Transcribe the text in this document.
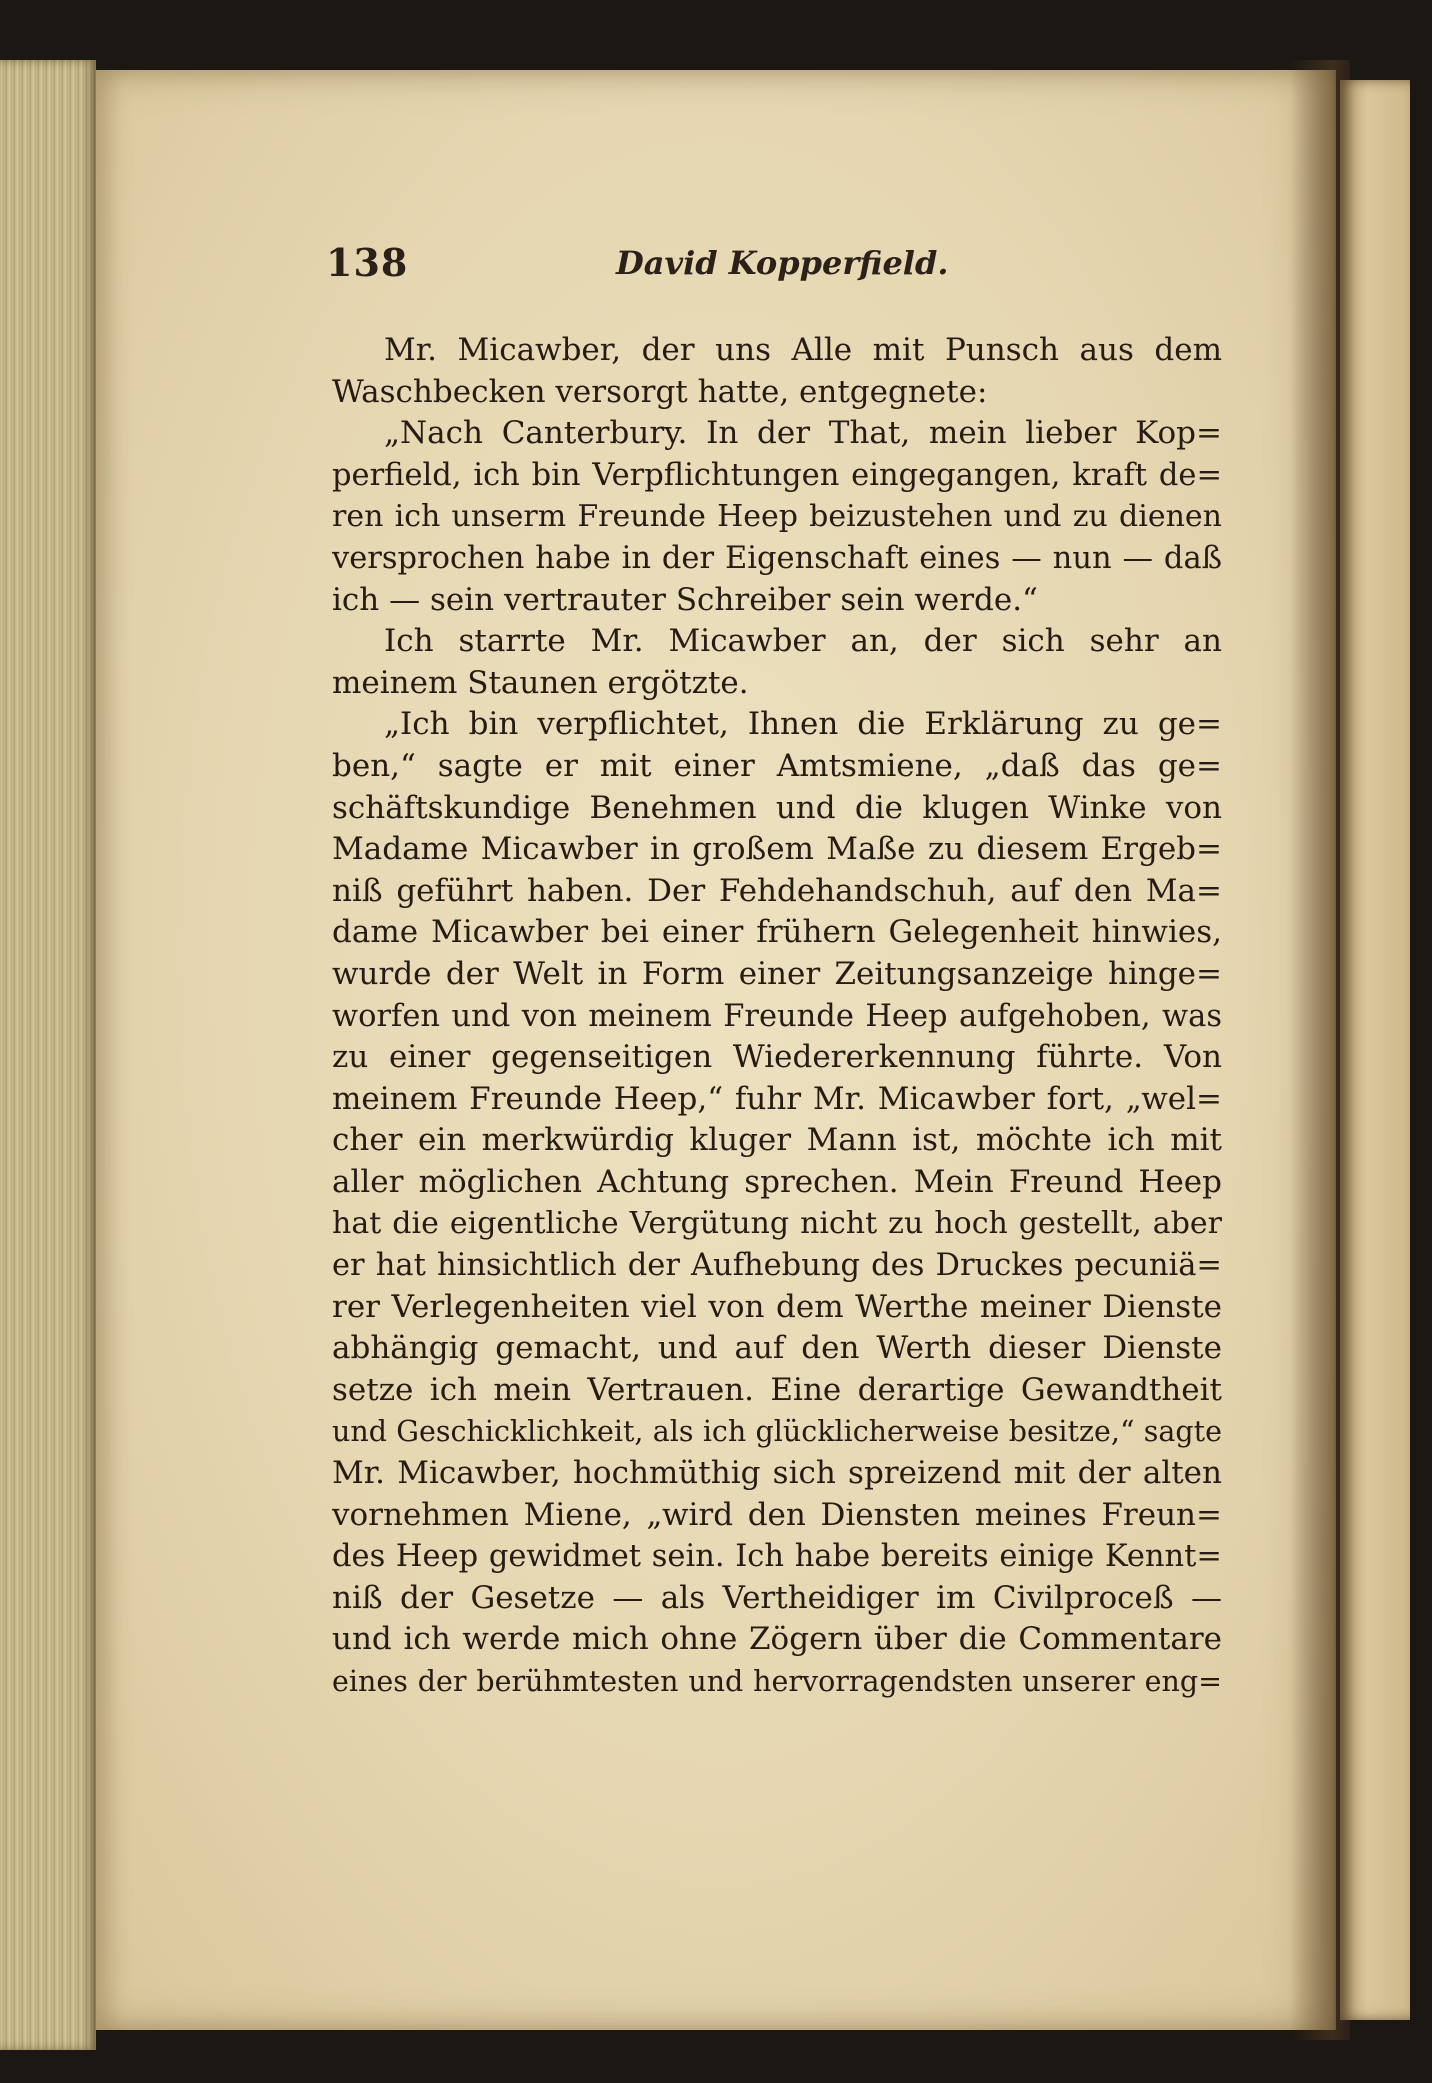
138	David Kopperfield.
Mr. Micawber, der uns Alle mit Punsch aus dem
Waschbecken versorgt hatte, entgegnete:
„Nach Canterbury. In der That, mein lieber Kop=
perfield, ich bin Verpflichtungen eingegangen, kraft de=
ren ich unserm Freunde Heep beizustehen und zu dienen
versprochen habe in der Eigenschaft eines — nun — daß
ich — sein vertrauter Schreiber sein werde.“
Ich starrte Mr. Micawber an, der sich sehr an
meinem Staunen ergötzte.
„Ich bin verpflichtet, Ihnen die Erklärung zu ge=
ben,“ sagte er mit einer Amtsmiene, „daß das ge=
schäftskundige Benehmen und die klugen Winke von
Madame Micawber in großem Maße zu diesem Ergeb=
niß geführt haben. Der Fehdehandschuh, auf den Ma=
dame Micawber bei einer frühern Gelegenheit hinwies,
wurde der Welt in Form einer Zeitungsanzeige hinge=
worfen und von meinem Freunde Heep aufgehoben, was
zu einer gegenseitigen Wiedererkennung führte. Von
meinem Freunde Heep,“ fuhr Mr. Micawber fort, „wel=
cher ein merkwürdig kluger Mann ist, möchte ich mit
aller möglichen Achtung sprechen. Mein Freund Heep
hat die eigentliche Vergütung nicht zu hoch gestellt, aber
er hat hinsichtlich der Aufhebung des Druckes pecuniä=
rer Verlegenheiten viel von dem Werthe meiner Dienste
abhängig gemacht, und auf den Werth dieser Dienste
setze ich mein Vertrauen. Eine derartige Gewandtheit
und Geschicklichkeit, als ich glücklicherweise besitze,“ sagte
Mr. Micawber, hochmüthig sich spreizend mit der alten
vornehmen Miene, „wird den Diensten meines Freun=
des Heep gewidmet sein. Ich habe bereits einige Kennt=
niß der Gesetze — als Vertheidiger im Civilproceß —
und ich werde mich ohne Zögern über die Commentare
eines der berühmtesten und hervorragendsten unserer eng=
